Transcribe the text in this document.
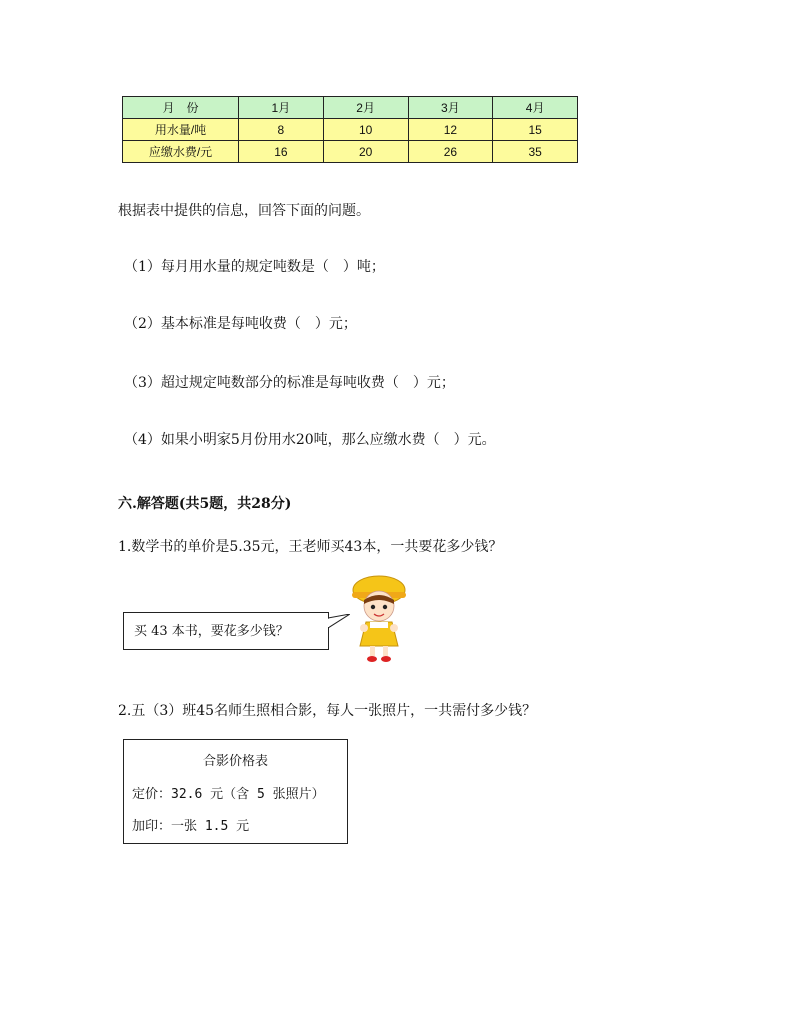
月　份	1月	2月	3月	4月
用水量/吨	8	10	12	15
应缴水费/元	16	20	26	35
根据表中提供的信息，回答下面的问题。
（1）每月用水量的规定吨数是（　）吨；
（2）基本标准是每吨收费（　）元；
（3）超过规定吨数部分的标准是每吨收费（　）元；
（4）如果小明家5月份用水20吨，那么应缴水费（　）元。
六.解答题(共5题，共28分)
1.数学书的单价是5.35元，王老师买43本，一共要花多少钱？
买 43 本书，要花多少钱？
2.五（3）班45名师生照相合影，每人一张照片，一共需付多少钱？
合影价格表
定价：32.6 元（含 5 张照片）
加印：一张 1.5 元
